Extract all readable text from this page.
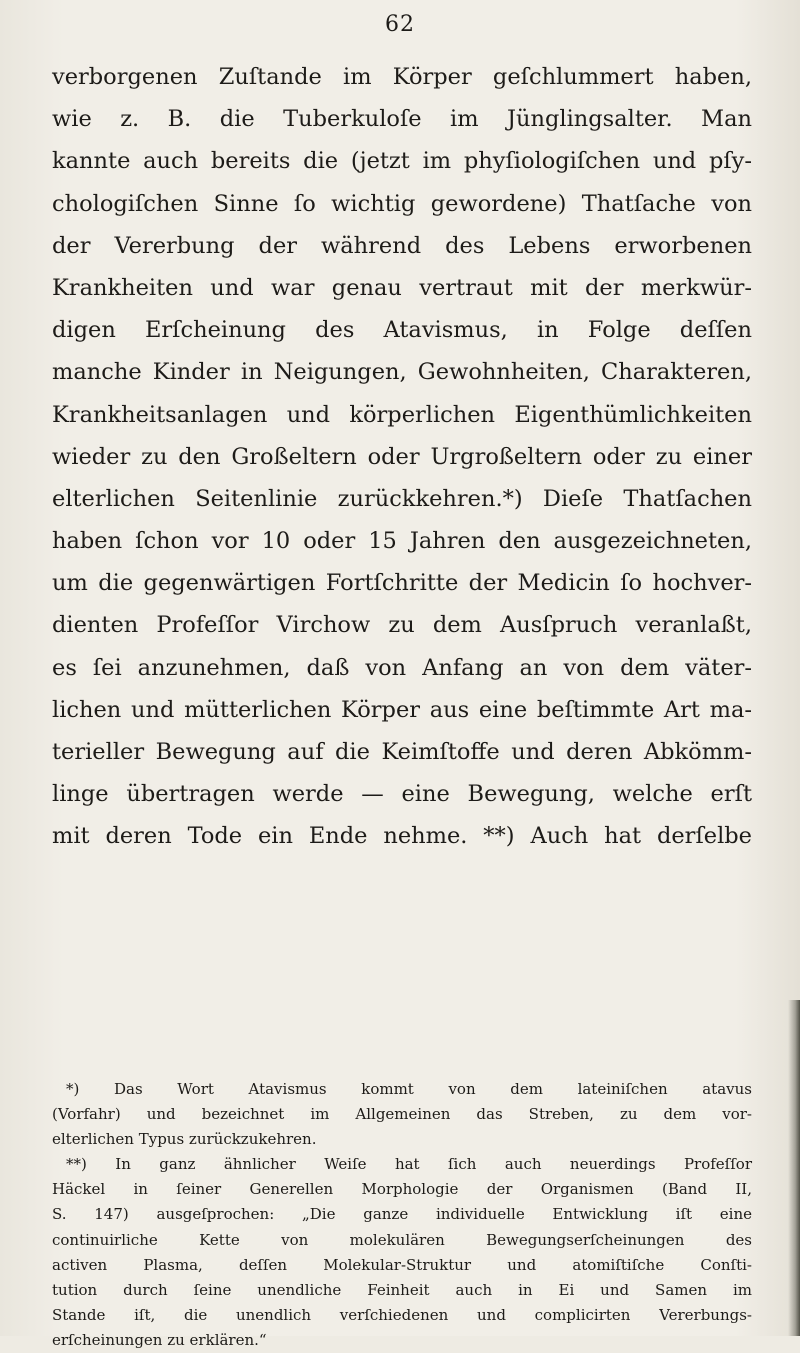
62
verborgenen Zuſtande im Körper geſchlummert haben,
wie z. B. die Tuberkuloſe im Jünglingsalter. Man
kannte auch bereits die (jetzt im phyſiologiſchen und pſy-
chologiſchen Sinne ſo wichtig gewordene) Thatſache von
der Vererbung der während des Lebens erworbenen
Krankheiten und war genau vertraut mit der merkwür-
digen Erſcheinung des Atavismus, in Folge deſſen
manche Kinder in Neigungen, Gewohnheiten, Charakteren,
Krankheitsanlagen und körperlichen Eigenthümlichkeiten
wieder zu den Großeltern oder Urgroßeltern oder zu einer
elterlichen Seitenlinie zurückkehren.*) Dieſe Thatſachen
haben ſchon vor 10 oder 15 Jahren den ausgezeichneten,
um die gegenwärtigen Fortſchritte der Medicin ſo hochver-
dienten Profeſſor Virchow zu dem Ausſpruch veranlaßt,
es ſei anzunehmen, daß von Anfang an von dem väter-
lichen und mütterlichen Körper aus eine beſtimmte Art ma-
terieller Bewegung auf die Keimſtoffe und deren Abkömm-
linge übertragen werde — eine Bewegung, welche erſt
mit deren Tode ein Ende nehme. **) Auch hat derſelbe
*) Das Wort Atavismus kommt von dem lateiniſchen atavus
(Vorfahr) und bezeichnet im Allgemeinen das Streben, zu dem vor-
elterlichen Typus zurückzukehren.
**) In ganz ähnlicher Weiſe hat ſich auch neuerdings Profeſſor
Häckel in ſeiner Generellen Morphologie der Organismen (Band II,
S. 147) ausgeſprochen: „Die ganze individuelle Entwicklung iſt eine
continuirliche Kette von molekulären Bewegungserſcheinungen des
activen Plasma, deſſen Molekular-Struktur und atomiſtiſche Conſti-
tution durch ſeine unendliche Feinheit auch in Ei und Samen im
Stande iſt, die unendlich verſchiedenen und complicirten Vererbungs-
erſcheinungen zu erklären.“
